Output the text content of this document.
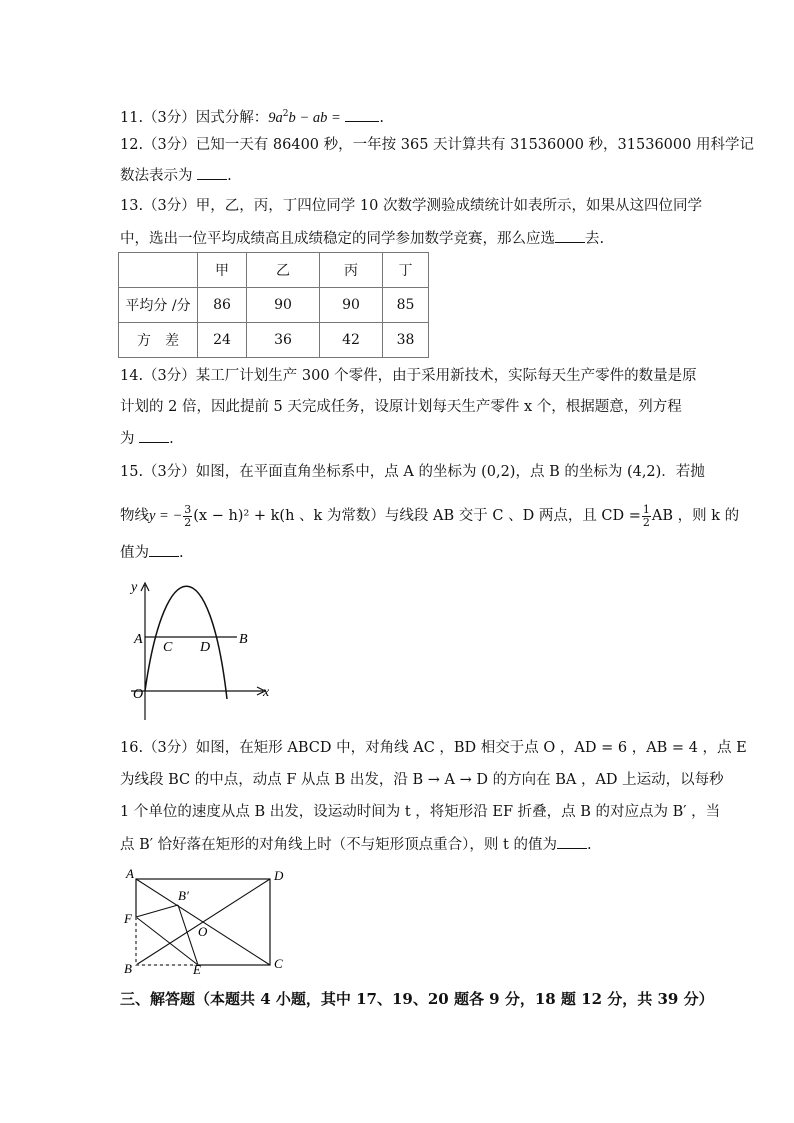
11.（3分）因式分解：$9a^2b$ − ab =	.
12.（3分）已知一天有 86400 秒，一年按 365 天计算共有 31536000 秒，31536000 用科学记
数法表示为 .
13.（3分）甲，乙，丙，丁四位同学 10 次数学测验成绩统计如表所示，如果从这四位同学
中，选出一位平均成绩高且成绩稳定的同学参加数学竞赛，那么应选 去.
	甲	乙	丙	丁
平均分 /分	86	90	90	85
方　差	24	36	42	38
14.（3分）某工厂计划生产 300 个零件，由于采用新技术，实际每天生产零件的数量是原
计划的 2 倍，因此提前 5 天完成任务，设原计划每天生产零件 x 个，根据题意，列方程
为 .
15.（3分）如图，在平面直角坐标系中，点 A 的坐标为 (0,2)，点 B 的坐标为 (4,2)．若抛
物线y = − $\frac{3}{2} (x - h)^2 + k(h$ 、k 为常数）与线段 AB 交于 C 、D 两点，且 CD = $\frac{1}{2}$ AB ，则 k 的
值为 .
y
x
O
A	B
C D
16.（3分）如图，在矩形 ABCD 中，对角线 AC ，BD 相交于点 O ，AD = 6 ，AB = 4 ，点 E
为线段 BC 的中点，动点 F 从点 B 出发，沿 B → A → D 的方向在 BA ，AD 上运动，以每秒
1 个单位的速度从点 B 出发，设运动时间为 t ，将矩形沿 EF 折叠，点 B 的对应点为 B′ ，当
点 B′ 恰好落在矩形的对角线上时（不与矩形顶点重合），则 t 的值为 .
A	D
B	C
F
E
O
B′
三、解答题（本题共 4 小题，其中 17、19、20 题各 9 分，18 题 12 分，共 39 分）
